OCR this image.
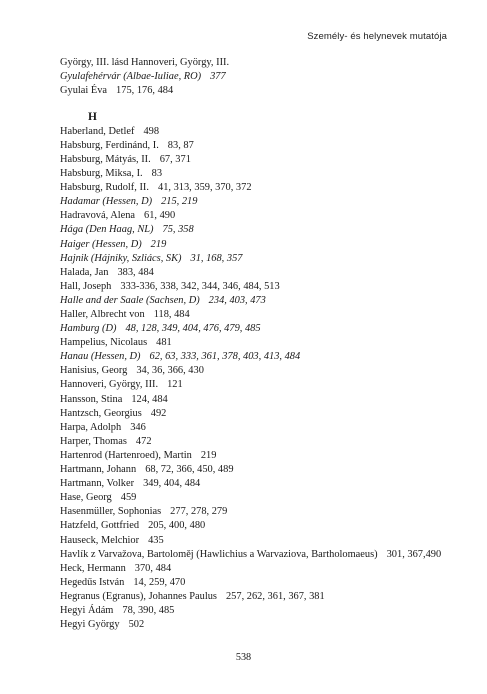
Személy- és helynevek mutatója
György, III. lásd Hannoveri, György, III.
Gyulafehérvár (Albae-Iuliae, RO) 377
Gyulai Éva 175, 176, 484
H
Haberland, Detlef 498
Habsburg, Ferdinánd, I. 83, 87
Habsburg, Mátyás, II. 67, 371
Habsburg, Miksa, I. 83
Habsburg, Rudolf, II. 41, 313, 359, 370, 372
Hadamar (Hessen, D) 215, 219
Hadravová, Alena 61, 490
Hága (Den Haag, NL) 75, 358
Haiger (Hessen, D) 219
Hajnik (Hájniky, Szliács, SK) 31, 168, 357
Halada, Jan 383, 484
Hall, Joseph 333-336, 338, 342, 344, 346, 484, 513
Halle and der Saale (Sachsen, D) 234, 403, 473
Haller, Albrecht von 118, 484
Hamburg (D) 48, 128, 349, 404, 476, 479, 485
Hampelius, Nicolaus 481
Hanau (Hessen, D) 62, 63, 333, 361, 378, 403, 413, 484
Hanisius, Georg 34, 36, 366, 430
Hannoveri, György, III. 121
Hansson, Stina 124, 484
Hantzsch, Georgius 492
Harpa, Adolph 346
Harper, Thomas 472
Hartenrod (Hartenroed), Martin 219
Hartmann, Johann 68, 72, 366, 450, 489
Hartmann, Volker 349, 404, 484
Hase, Georg 459
Hasenmüller, Sophonias 277, 278, 279
Hatzfeld, Gottfried 205, 400, 480
Hauseck, Melchior 435
Havlík z Varvažova, Bartoloměj (Hawlichius a Warvaziova, Bartholomaeus) 301, 367,490
Heck, Hermann 370, 484
Hegedűs István 14, 259, 470
Hegranus (Egranus), Johannes Paulus 257, 262, 361, 367, 381
Hegyi Ádám 78, 390, 485
Hegyi György 502
538
